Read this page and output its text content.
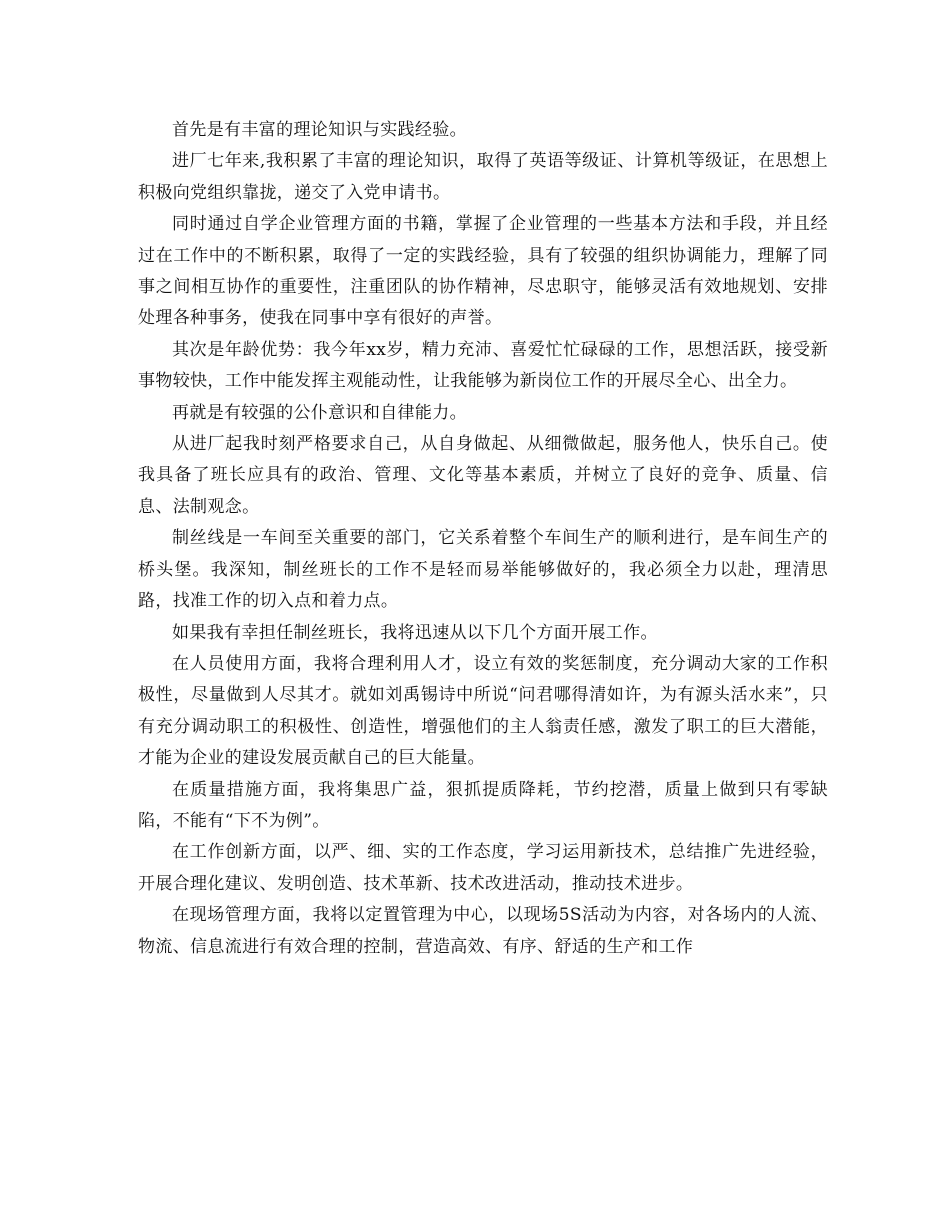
首先是有丰富的理论知识与实践经验。

进厂七年来,我积累了丰富的理论知识，取得了英语等级证、计算机等级证，在思想上积极向党组织靠拢，递交了入党申请书。

同时通过自学企业管理方面的书籍，掌握了企业管理的一些基本方法和手段，并且经过在工作中的不断积累，取得了一定的实践经验，具有了较强的组织协调能力，理解了同事之间相互协作的重要性，注重团队的协作精神，尽忠职守，能够灵活有效地规划、安排处理各种事务，使我在同事中享有很好的声誉。

其次是年龄优势：我今年xx岁，精力充沛、喜爱忙忙碌碌的工作，思想活跃，接受新事物较快，工作中能发挥主观能动性，让我能够为新岗位工作的开展尽全心、出全力。

再就是有较强的公仆意识和自律能力。

从进厂起我时刻严格要求自己，从自身做起、从细微做起，服务他人，快乐自己。使我具备了班长应具有的政治、管理、文化等基本素质，并树立了良好的竞争、质量、信息、法制观念。

制丝线是一车间至关重要的部门，它关系着整个车间生产的顺利进行，是车间生产的桥头堡。我深知，制丝班长的工作不是轻而易举能够做好的，我必须全力以赴，理清思路，找准工作的切入点和着力点。

如果我有幸担任制丝班长，我将迅速从以下几个方面开展工作。

在人员使用方面，我将合理利用人才，设立有效的奖惩制度，充分调动大家的工作积极性，尽量做到人尽其才。就如刘禹锡诗中所说“问君哪得清如许，为有源头活水来”，只有充分调动职工的积极性、创造性，增强他们的主人翁责任感，激发了职工的巨大潜能，才能为企业的建设发展贡献自己的巨大能量。

在质量措施方面，我将集思广益，狠抓提质降耗，节约挖潜，质量上做到只有零缺陷，不能有“下不为例”。

在工作创新方面，以严、细、实的工作态度，学习运用新技术，总结推广先进经验，开展合理化建议、发明创造、技术革新、技术改进活动，推动技术进步。

在现场管理方面，我将以定置管理为中心，以现场5S活动为内容，对各场内的人流、物流、信息流进行有效合理的控制，营造高效、有序、舒适的生产和工作
